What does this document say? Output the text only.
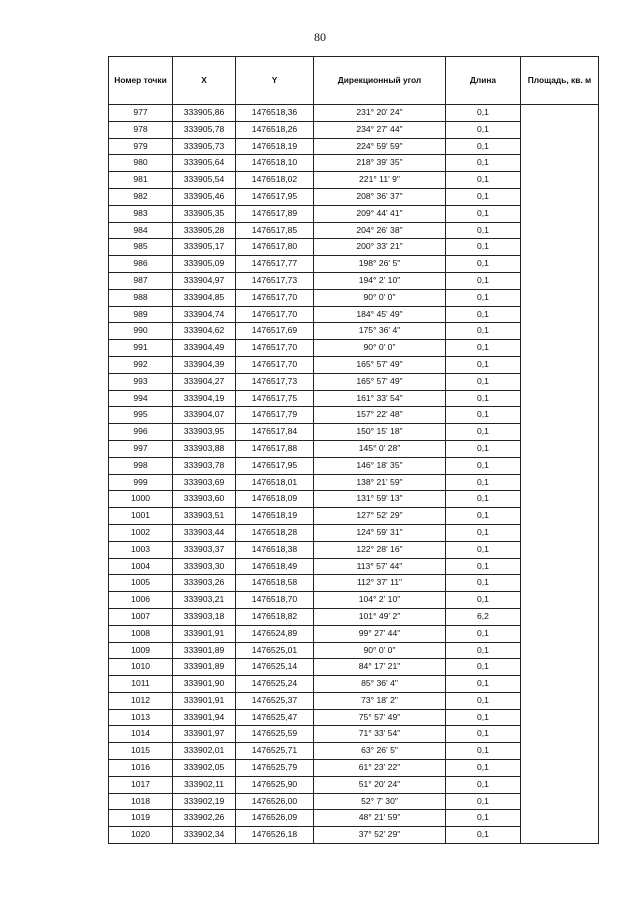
80
Номер точки	X	Y	Дирекционный угол	Длина	Площадь, кв. м
977	333905,86	1476518,36	231° 20' 24"	0,1	
978	333905,78	1476518,26	234° 27' 44"	0,1	
979	333905,73	1476518,19	224° 59' 59"	0,1	
980	333905,64	1476518,10	218° 39' 35"	0,1	
981	333905,54	1476518,02	221° 11' 9"	0,1	
982	333905,46	1476517,95	208° 36' 37"	0,1	
983	333905,35	1476517,89	209° 44' 41"	0,1	
984	333905,28	1476517,85	204° 26' 38"	0,1	
985	333905,17	1476517,80	200° 33' 21"	0,1	
986	333905,09	1476517,77	198° 26' 5"	0,1	
987	333904,97	1476517,73	194° 2' 10"	0,1	
988	333904,85	1476517,70	90° 0' 0"	0,1	
989	333904,74	1476517,70	184° 45' 49"	0,1	
990	333904,62	1476517,69	175° 36' 4"	0,1	
991	333904,49	1476517,70	90° 0' 0"	0,1	
992	333904,39	1476517,70	165° 57' 49"	0,1	
993	333904,27	1476517,73	165° 57' 49"	0,1	
994	333904,19	1476517,75	161° 33' 54"	0,1	
995	333904,07	1476517,79	157° 22' 48"	0,1	
996	333903,95	1476517,84	150° 15' 18"	0,1	
997	333903,88	1476517,88	145° 0' 28"	0,1	
998	333903,78	1476517,95	146° 18' 35"	0,1	
999	333903,69	1476518,01	138° 21' 59"	0,1	
1000	333903,60	1476518,09	131° 59' 13"	0,1	
1001	333903,51	1476518,19	127° 52' 29"	0,1	
1002	333903,44	1476518,28	124° 59' 31"	0,1	
1003	333903,37	1476518,38	122° 28' 16"	0,1	
1004	333903,30	1476518,49	113° 57' 44"	0,1	
1005	333903,26	1476518,58	112° 37' 11"	0,1	
1006	333903,21	1476518,70	104° 2' 10"	0,1	
1007	333903,18	1476518,82	101° 49' 2"	6,2	
1008	333901,91	1476524,89	99° 27' 44"	0,1	
1009	333901,89	1476525,01	90° 0' 0"	0,1	
1010	333901,89	1476525,14	84° 17' 21"	0,1	
1011	333901,90	1476525,24	85° 36' 4"	0,1	
1012	333901,91	1476525,37	73° 18' 2"	0,1	
1013	333901,94	1476525,47	75° 57' 49"	0,1	
1014	333901,97	1476525,59	71° 33' 54"	0,1	
1015	333902,01	1476525,71	63° 26' 5"	0,1	
1016	333902,05	1476525,79	61° 23' 22"	0,1	
1017	333902,11	1476525,90	51° 20' 24"	0,1	
1018	333902,19	1476526,00	52° 7' 30"	0,1	
1019	333902,26	1476526,09	48° 21' 59"	0,1	
1020	333902,34	1476526,18	37° 52' 29"	0,1	
